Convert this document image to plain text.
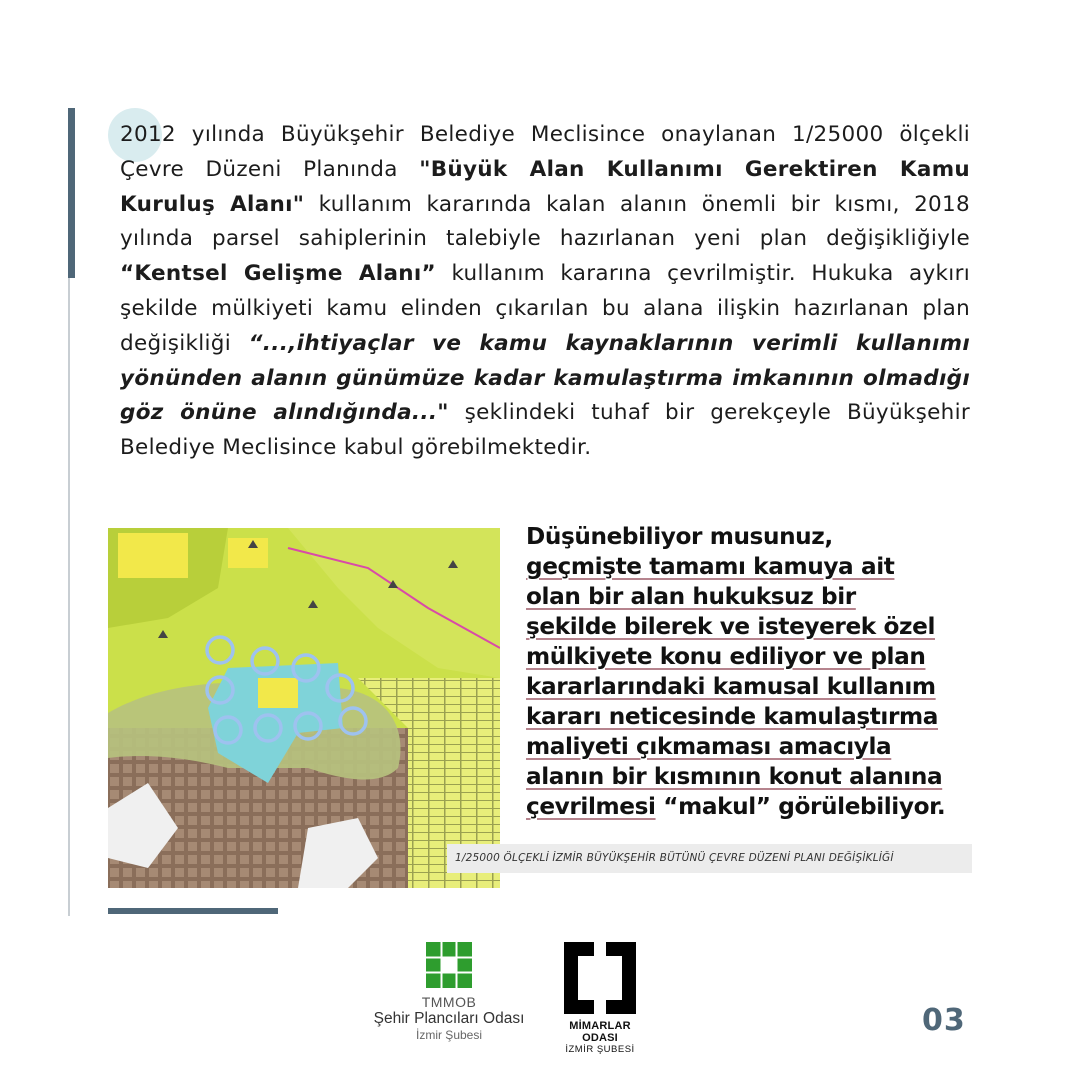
2012 yılında Büyükşehir Belediye Meclisince onaylanan 1/25000 ölçekli Çevre Düzeni Planında "Büyük Alan Kullanımı Gerektiren Kamu Kuruluş Alanı" kullanım kararında kalan alanın önemli bir kısmı, 2018 yılında parsel sahiplerinin talebiyle hazırlanan yeni plan değişikliğiyle “Kentsel Gelişme Alanı” kullanım kararına çevrilmiştir. Hukuka aykırı şekilde mülkiyeti kamu elinden çıkarılan bu alana ilişkin hazırlanan plan değişikliği “...,ihtiyaçlar ve kamu kaynaklarının verimli kullanımı yönünden alanın günümüze kadar kamulaştırma imkanının olmadığı göz önüne alındığında..." şeklindeki tuhaf bir gerekçeyle Büyükşehir Belediye Meclisince kabul görebilmektedir.
Düşünebiliyor musunuz,
geçmişte tamamı kamuya ait
olan bir alan hukuksuz bir
şekilde bilerek ve isteyerek özel
mülkiyete konu ediliyor ve plan
kararlarındaki kamusal kullanım
kararı neticesinde kamulaştırma
maliyeti çıkmaması amacıyla
alanın bir kısmının konut alanına
çevrilmesi “makul” görülebiliyor.
1/25000 ÖLÇEKLİ İZMİR BÜYÜKŞEHİR BÜTÜNÜ ÇEVRE DÜZENİ PLANI DEĞİŞİKLİĞİ
TMMOB
Şehir Plancıları Odası
İzmir Şubesi
MİMARLAR ODASI
İZMİR ŞUBESİ
03
